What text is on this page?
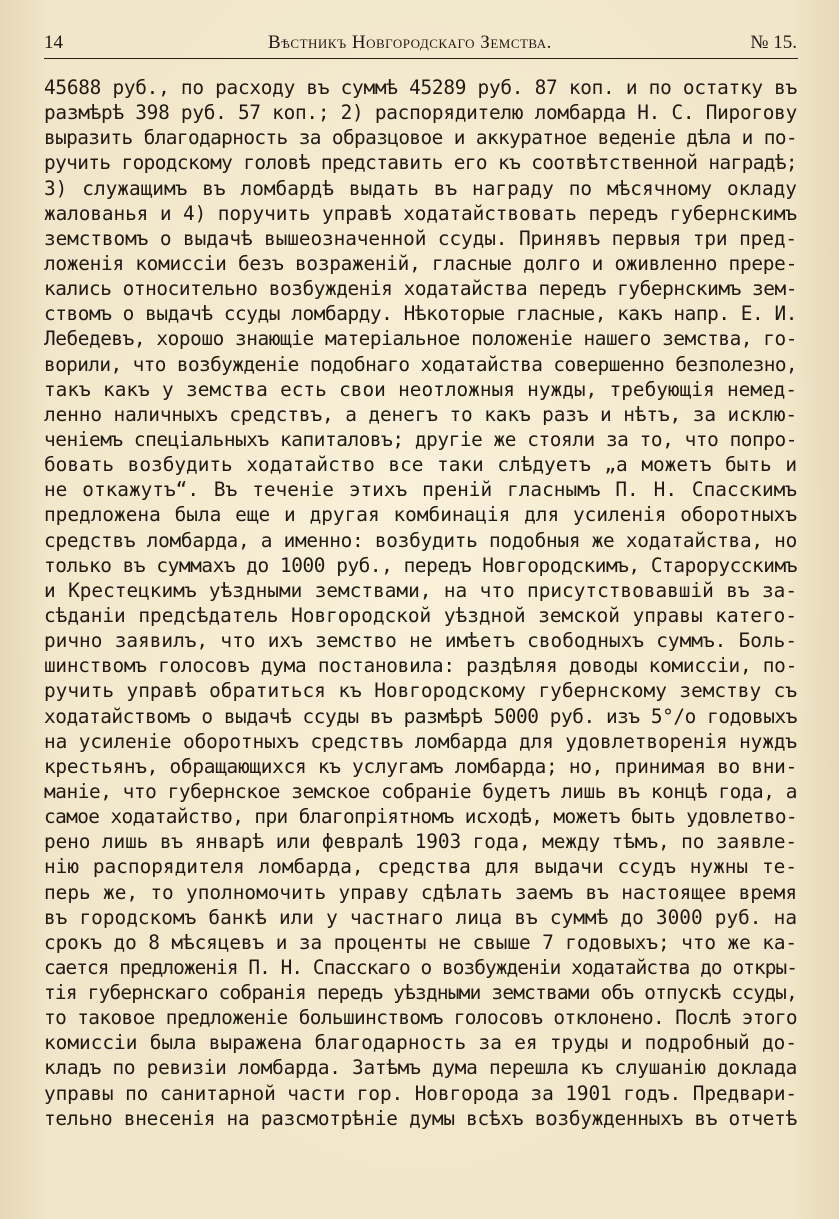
14	Вѣстникъ Новгородскаго Земства.	№ 15.
45688 руб., по расходу въ суммѣ 45289 руб. 87 коп. и по остатку въ
размѣрѣ 398 руб. 57 коп.; 2) распорядителю ломбарда Н. С. Пирогову
выразить благодарность за образцовое и аккуратное веденіе дѣла и по-
ручить городскому головѣ представить его къ соотвѣтственной наградѣ;
3) служащимъ въ ломбардѣ выдать въ награду по мѣсячному окладу
жалованья и 4) поручить управѣ ходатайствовать передъ губернскимъ
земствомъ о выдачѣ вышеозначенной ссуды. Принявъ первыя три пред-
ложенія комиссіи безъ возраженій, гласные долго и оживленно прере-
кались относительно возбужденія ходатайства передъ губернскимъ зем-
ствомъ о выдачѣ ссуды ломбарду. Нѣкоторые гласные, какъ напр. Е. И.
Лебедевъ, хорошо знающіе матеріальное положеніе нашего земства, го-
ворили, что возбужденіе подобнаго ходатайства совершенно безполезно,
такъ какъ у земства есть свои неотложныя нужды, требующія немед-
ленно наличныхъ средствъ, а денегъ то какъ разъ и нѣтъ, за исклю-
ченіемъ спеціальныхъ капиталовъ; другіе же стояли за то, что попро-
бовать возбудить ходатайство все таки слѣдуетъ „а можетъ быть и
не откажутъ“. Въ теченіе этихъ преній гласнымъ П. Н. Спасскимъ
предложена была еще и другая комбинація для усиленія оборотныхъ
средствъ ломбарда, а именно: возбудить подобныя же ходатайства, но
только въ суммахъ до 1000 руб., передъ Новгородскимъ, Старорусскимъ
и Крестецкимъ уѣздными земствами, на что присутствовавшій въ за-
сѣданіи предсѣдатель Новгородской уѣздной земской управы катего-
рично заявилъ, что ихъ земство не имѣетъ свободныхъ суммъ. Боль-
шинствомъ голосовъ дума постановила: раздѣляя доводы комиссіи, по-
ручить управѣ обратиться къ Новгородскому губернскому земству съ
ходатайствомъ о выдачѣ ссуды въ размѣрѣ 5000 руб. изъ 5°/о годовыхъ
на усиленіе оборотныхъ средствъ ломбарда для удовлетворенія нуждъ
крестьянъ, обращающихся къ услугамъ ломбарда; но, принимая во вни-
маніе, что губернское земское собраніе будетъ лишь въ концѣ года, а
самое ходатайство, при благопріятномъ исходѣ, можетъ быть удовлетво-
рено лишь въ январѣ или февралѣ 1903 года, между тѣмъ, по заявле-
нію распорядителя ломбарда, средства для выдачи ссудъ нужны те-
перь же, то уполномочить управу сдѣлать заемъ въ настоящее время
въ городскомъ банкѣ или у частнаго лица въ суммѣ до 3000 руб. на
срокъ до 8 мѣсяцевъ и за проценты не свыше 7 годовыхъ; что же ка-
сается предложенія П. Н. Спасскаго о возбужденіи ходатайства до откры-
тія губернскаго собранія передъ уѣздными земствами объ отпускѣ ссуды,
то таковое предложеніе большинствомъ голосовъ отклонено. Послѣ этого
комиссіи была выражена благодарность за ея труды и подробный до-
кладъ по ревизіи ломбарда. Затѣмъ дума перешла къ слушанію доклада
управы по санитарной части гор. Новгорода за 1901 годъ. Предвари-
тельно внесенія на разсмотрѣніе думы всѣхъ возбужденныхъ въ отчетѣ
